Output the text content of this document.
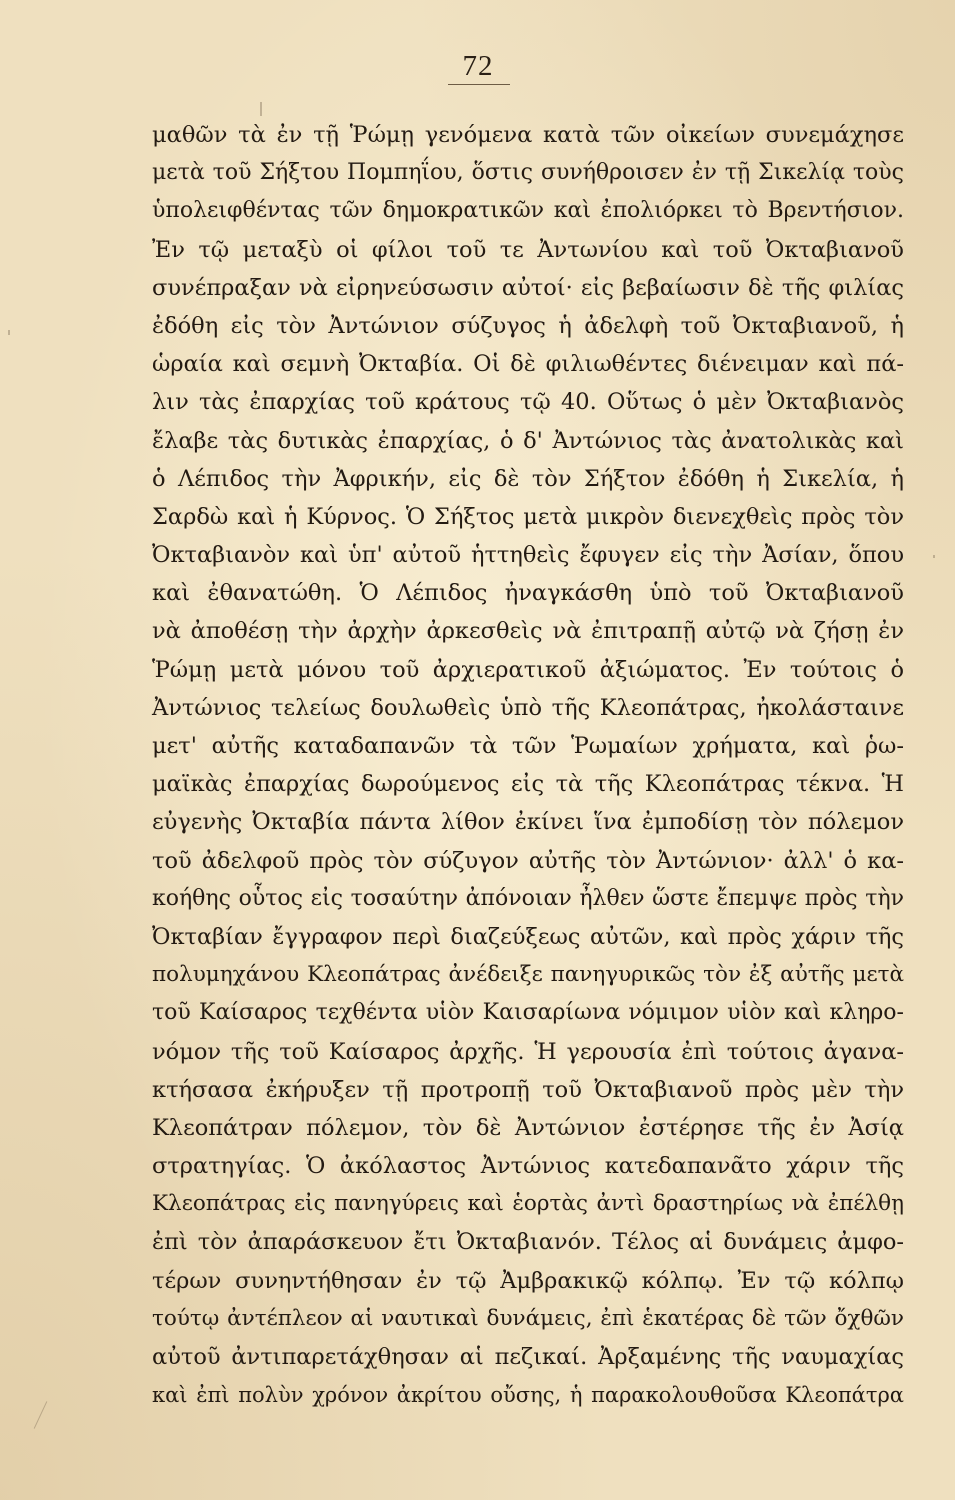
72
μαθῶν τὰ ἐν τῇ Ῥώμῃ γενόμενα κατὰ τῶν οἰκείων συνεμάχησε
μετὰ τοῦ Σήξτου Πομπηΐου, ὅστις συνήθροισεν ἐν τῇ Σικελίᾳ τοὺς
ὑπολειφθέντας τῶν δημοκρατικῶν καὶ ἐπολιόρκει τὸ Βρεντήσιον.
Ἐν τῷ μεταξὺ οἱ φίλοι τοῦ τε Ἀντωνίου καὶ τοῦ Ὀκταβιανοῦ
συνέπραξαν νὰ εἰρηνεύσωσιν αὐτοί· εἰς βεβαίωσιν δὲ τῆς φιλίας
ἐδόθη εἰς τὸν Ἀντώνιον σύζυγος ἡ ἀδελφὴ τοῦ Ὀκταβιανοῦ, ἡ
ὡραία καὶ σεμνὴ Ὀκταβία. Οἱ δὲ φιλιωθέντες διένειμαν καὶ πά-
λιν τὰς ἐπαρχίας τοῦ κράτους τῷ 40. Οὕτως ὁ μὲν Ὀκταβιανὸς
ἔλαβε τὰς δυτικὰς ἐπαρχίας, ὁ δ' Ἀντώνιος τὰς ἀνατολικὰς καὶ
ὁ Λέπιδος τὴν Ἀφρικήν, εἰς δὲ τὸν Σήξτον ἐδόθη ἡ Σικελία, ἡ
Σαρδὼ καὶ ἡ Κύρνος. Ὁ Σήξτος μετὰ μικρὸν διενεχθεὶς πρὸς τὸν
Ὀκταβιανὸν καὶ ὑπ' αὐτοῦ ἡττηθεὶς ἔφυγεν εἰς τὴν Ἀσίαν, ὅπου
καὶ ἐθανατώθη. Ὁ Λέπιδος ἠναγκάσθη ὑπὸ τοῦ Ὀκταβιανοῦ
νὰ ἀποθέσῃ τὴν ἀρχὴν ἀρκεσθεὶς νὰ ἐπιτραπῇ αὐτῷ νὰ ζήσῃ ἐν
Ῥώμῃ μετὰ μόνου τοῦ ἀρχιερατικοῦ ἀξιώματος. Ἐν τούτοις ὁ
Ἀντώνιος τελείως δουλωθεὶς ὑπὸ τῆς Κλεοπάτρας, ἠκολάσταινε
μετ' αὐτῆς καταδαπανῶν τὰ τῶν Ῥωμαίων χρήματα, καὶ ῥω-
μαϊκὰς ἐπαρχίας δωρούμενος εἰς τὰ τῆς Κλεοπάτρας τέκνα. Ἡ
εὐγενὴς Ὀκταβία πάντα λίθον ἐκίνει ἵνα ἐμποδίσῃ τὸν πόλεμον
τοῦ ἀδελφοῦ πρὸς τὸν σύζυγον αὐτῆς τὸν Ἀντώνιον· ἀλλ' ὁ κα-
κοήθης οὗτος εἰς τοσαύτην ἀπόνοιαν ἦλθεν ὥστε ἔπεμψε πρὸς τὴν
Ὀκταβίαν ἔγγραφον περὶ διαζεύξεως αὐτῶν, καὶ πρὸς χάριν τῆς
πολυμηχάνου Κλεοπάτρας ἀνέδειξε πανηγυρικῶς τὸν ἐξ αὐτῆς μετὰ
τοῦ Καίσαρος τεχθέντα υἱὸν Καισαρίωνα νόμιμον υἱὸν καὶ κληρο-
νόμον τῆς τοῦ Καίσαρος ἀρχῆς. Ἡ γερουσία ἐπὶ τούτοις ἀγανα-
κτήσασα ἐκήρυξεν τῇ προτροπῇ τοῦ Ὀκταβιανοῦ πρὸς μὲν τὴν
Κλεοπάτραν πόλεμον, τὸν δὲ Ἀντώνιον ἐστέρησε τῆς ἐν Ἀσίᾳ
στρατηγίας. Ὁ ἀκόλαστος Ἀντώνιος κατεδαπανᾶτο χάριν τῆς
Κλεοπάτρας εἰς πανηγύρεις καὶ ἑορτὰς ἀντὶ δραστηρίως νὰ ἐπέλθῃ
ἐπὶ τὸν ἀπαράσκευον ἔτι Ὀκταβιανόν. Τέλος αἱ δυνάμεις ἀμφο-
τέρων συνηντήθησαν ἐν τῷ Ἀμβρακικῷ κόλπῳ. Ἐν τῷ κόλπῳ
τούτῳ ἀντέπλεον αἱ ναυτικαὶ δυνάμεις, ἐπὶ ἑκατέρας δὲ τῶν ὄχθῶν
αὐτοῦ ἀντιπαρετάχθησαν αἱ πεζικαί. Ἀρξαμένης τῆς ναυμαχίας
καὶ ἐπὶ πολὺν χρόνον ἀκρίτου οὔσης, ἡ παρακολουθοῦσα Κλεοπάτρα
